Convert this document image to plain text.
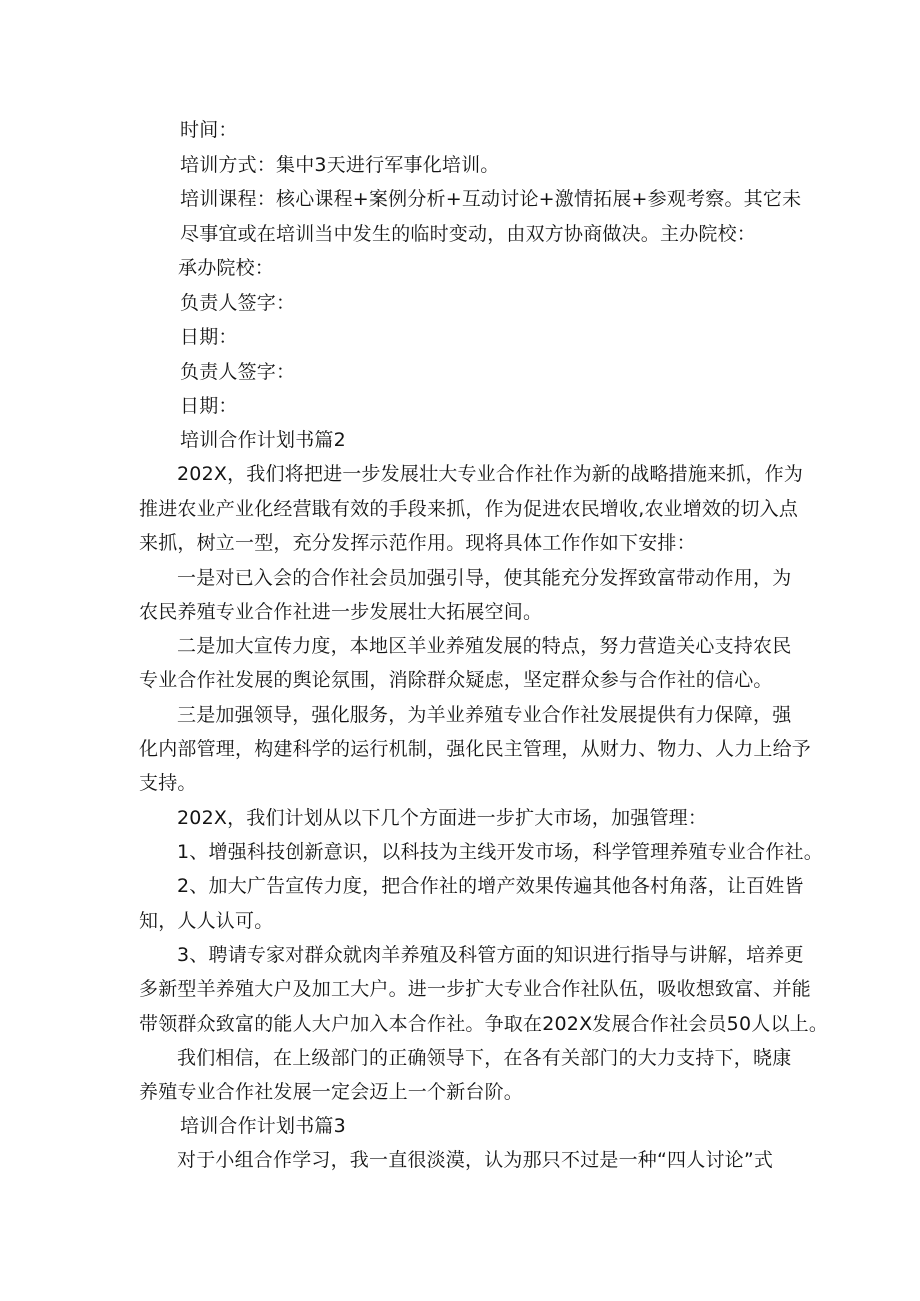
时间：
培训方式：集中3天进行军事化培训。
培训课程：核心课程+案例分析+互动讨论+激情拓展+参观考察。其它未
尽事宜或在培训当中发生的临时变动，由双方协商做决。主办院校：
承办院校：
负责人签字：
日期：
负责人签字：
日期：
培训合作计划书篇2
202X，我们将把进一步发展壮大专业合作社作为新的战略措施来抓，作为
推进农业产业化经营戢有效的手段来抓，作为促进农民增收,农业增效的切入点
来抓，树立一型，充分发挥示范作用。现将具体工作作如下安排：
一是对已入会的合作社会员加强引导，使其能充分发挥致富带动作用，为
农民养殖专业合作社进一步发展壮大拓展空间。
二是加大宣传力度，本地区羊业养殖发展的特点，努力营造关心支持农民
专业合作社发展的舆论氛围，消除群众疑虑，坚定群众参与合作社的信心。
三是加强领导，强化服务，为羊业养殖专业合作社发展提供有力保障，强
化内部管理，构建科学的运行机制，强化民主管理，从财力、物力、人力上给予
支持。
202X，我们计划从以下几个方面进一步扩大市场，加强管理：
1、增强科技创新意识，以科技为主线开发市场，科学管理养殖专业合作社。
2、加大广告宣传力度，把合作社的增产效果传遍其他各村角落，让百姓皆
知，人人认可。
3、聘请专家对群众就肉羊养殖及科管方面的知识进行指导与讲解，培养更
多新型羊养殖大户及加工大户。进一步扩大专业合作社队伍，吸收想致富、并能
带领群众致富的能人大户加入本合作社。争取在202X发展合作社会员50人以上。
我们相信，在上级部门的正确领导下，在各有关部门的大力支持下，晓康
养殖专业合作社发展一定会迈上一个新台阶。
培训合作计划书篇3
对于小组合作学习，我一直很淡漠，认为那只不过是一种“四人讨论”式
